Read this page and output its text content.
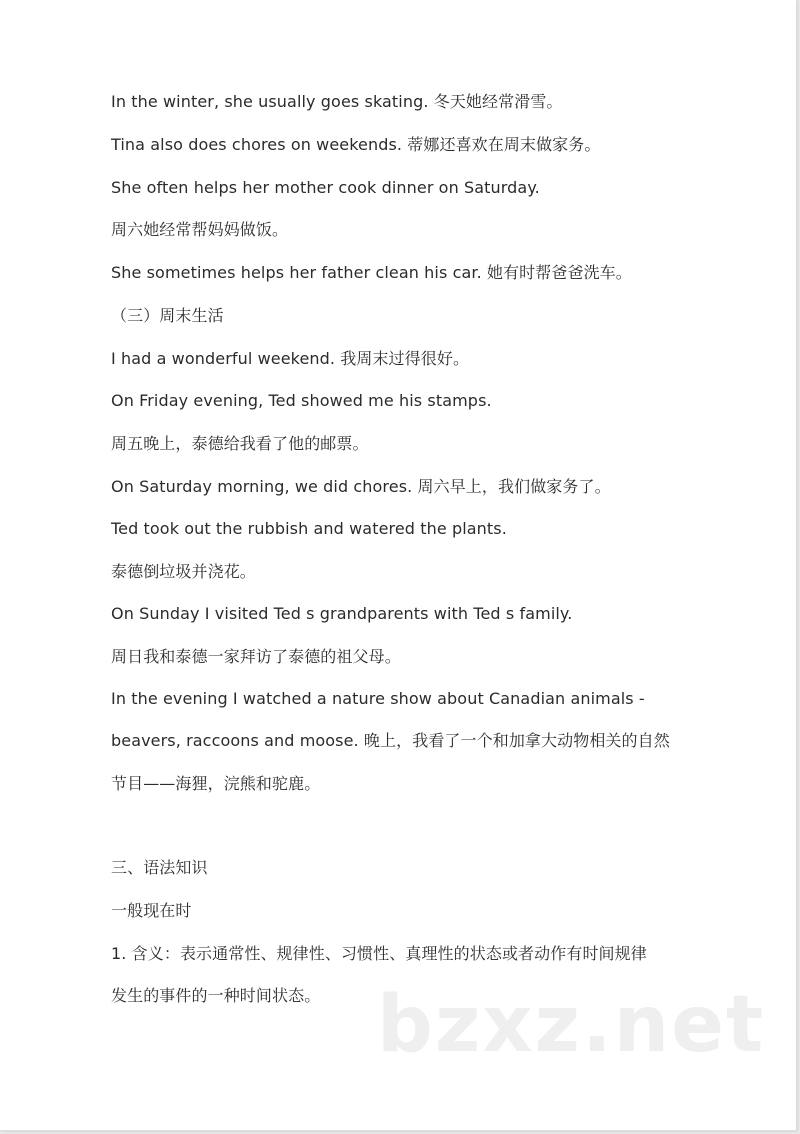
In the winter, she usually goes skating. 冬天她经常滑雪。
Tina also does chores on weekends. 蒂娜还喜欢在周末做家务。
She often helps her mother cook dinner on Saturday.
周六她经常帮妈妈做饭。
She sometimes helps her father clean his car. 她有时帮爸爸洗车。
（三）周末生活
I had a wonderful weekend. 我周末过得很好。
On Friday evening, Ted showed me his stamps.
周五晚上，泰德给我看了他的邮票。
On Saturday morning, we did chores. 周六早上，我们做家务了。
Ted took out the rubbish and watered the plants.
泰德倒垃圾并浇花。
On Sunday I visited Ted s grandparents with Ted s family.
周日我和泰德一家拜访了泰德的祖父母。
In the evening I watched a nature show about Canadian animals -
beavers, raccoons and moose. 晚上，我看了一个和加拿大动物相关的自然
节目——海狸，浣熊和驼鹿。
三、语法知识
一般现在时
1. 含义：表示通常性、规律性、习惯性、真理性的状态或者动作有时间规律
发生的事件的一种时间状态。 bzxz.net
